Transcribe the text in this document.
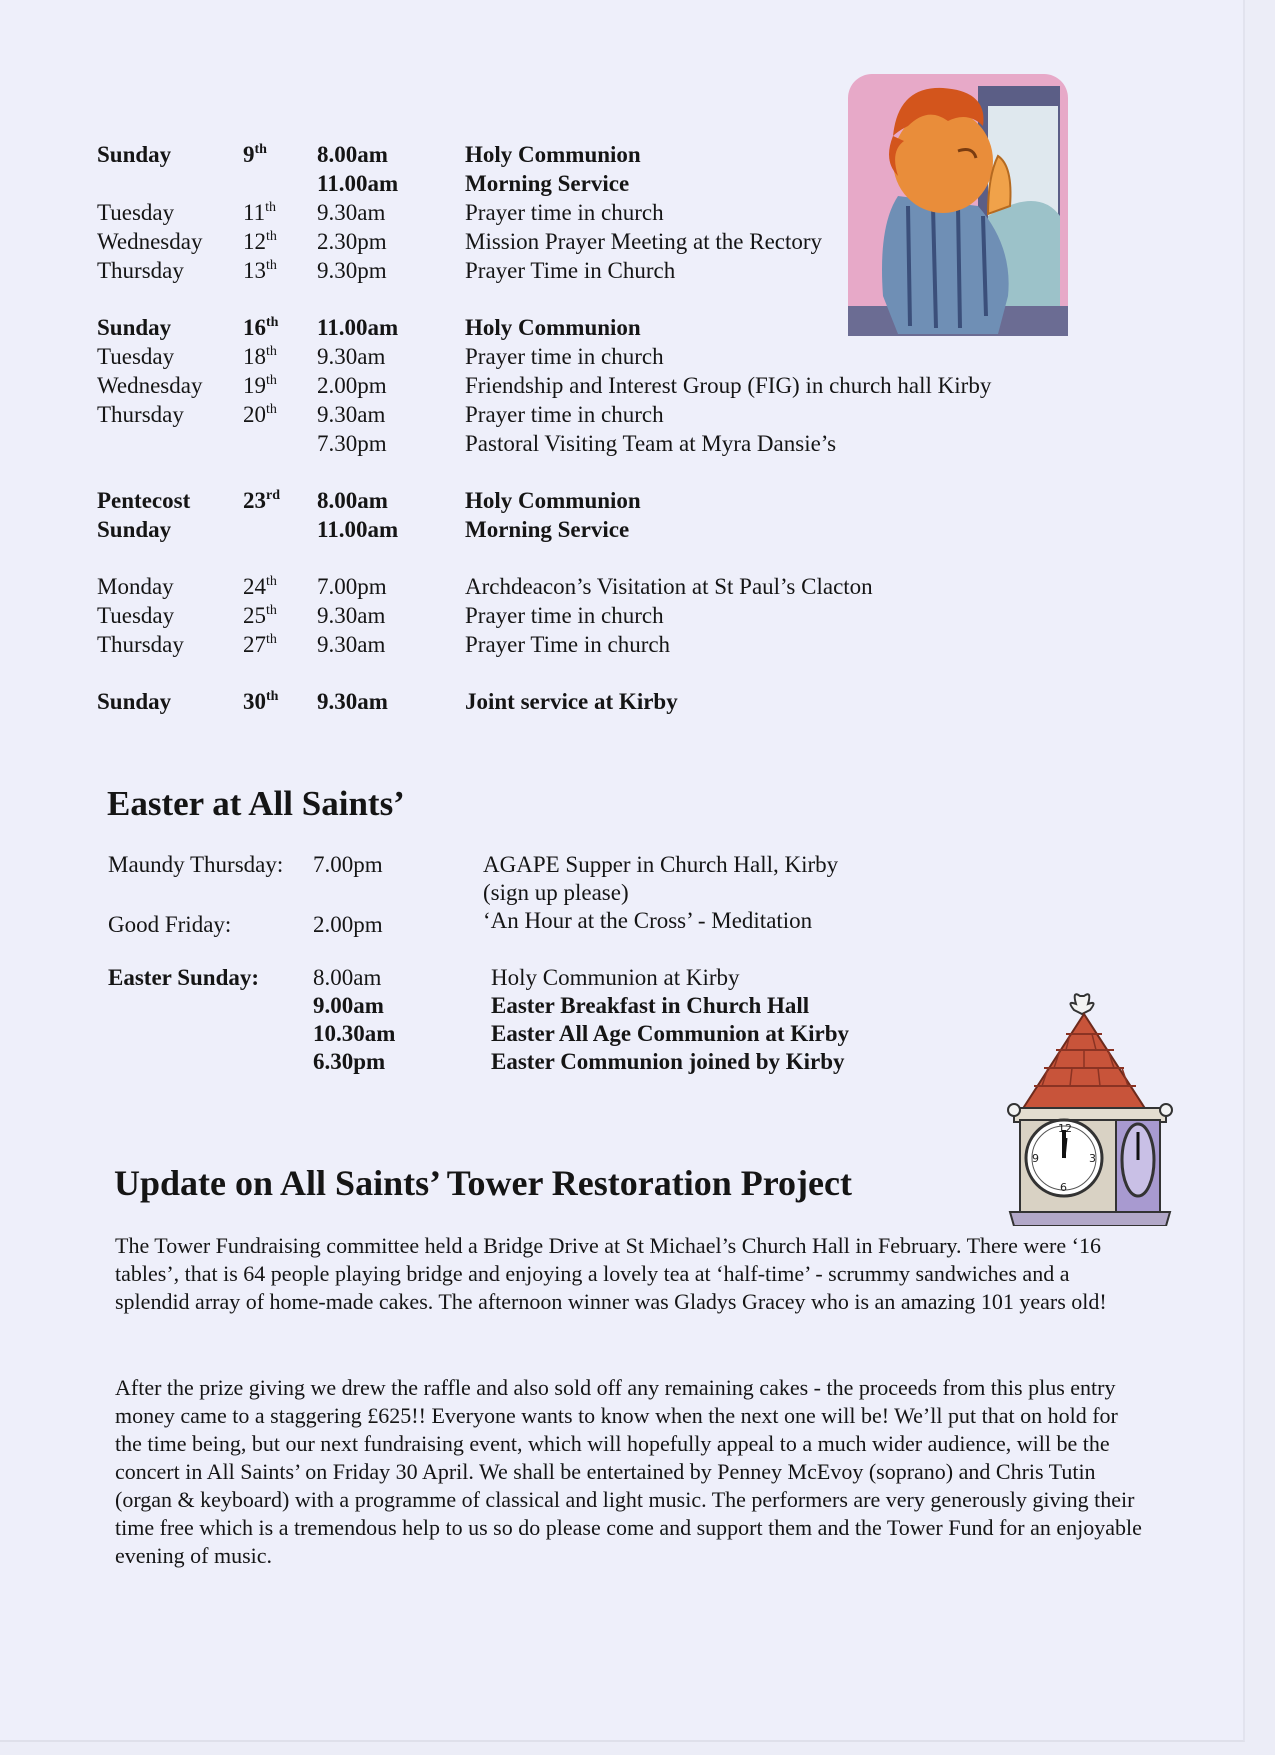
Sunday	9th 8.00am	Holy Communion
11.00am	Morning Service
Tuesday	11th 9.30am	Prayer time in church
Wednesday 12th 2.30pm	Mission Prayer Meeting at the Rectory
Thursday	13th 9.30pm	Prayer Time in Church
Sunday	16th 11.00am	Holy Communion
Tuesday	18th 9.30am	Prayer time in church
Wednesday 19th 2.00pm	Friendship and Interest Group (FIG) in church hall Kirby
Thursday	20th 9.30am	Prayer time in church
7.30pm	Pastoral Visiting Team at Myra Dansie’s
Pentecost 23rd 8.00am	Holy Communion
Sunday	11.00am	Morning Service
Monday	24th 7.00pm	Archdeacon’s Visitation at St Paul’s Clacton
Tuesday	25th 9.30am	Prayer time in church
Thursday	27th 9.30am	Prayer Time in church
Sunday	30th 9.30am	Joint service at Kirby
Easter at All Saints’
Maundy Thursday: 7.00pm	AGAPE Supper in Church Hall, Kirby
(sign up please)
Good Friday:	2.00pm	‘An Hour at the Cross’ - Meditation
Easter Sunday: 8.00am	Holy Communion at Kirby
9.00am	Easter Breakfast in Church Hall
10.30am	Easter All Age Communion at Kirby
6.30pm	Easter Communion joined by Kirby
12
3
6
9
Update on All Saints’ Tower Restoration Project

The Tower Fundraising committee held a Bridge Drive at St Michael’s Church Hall in February. There were ‘16 tables’, that is 64 people playing bridge and enjoying a lovely tea at ‘half-time’ - scrummy sandwiches and a splendid array of home-made cakes. The afternoon winner was Gladys Gracey who is an amazing 101 years old!

After the prize giving we drew the raffle and also sold off any remaining cakes - the proceeds from this plus entry money came to a staggering £625!! Everyone wants to know when the next one will be! We’ll put that on hold for the time being, but our next fundraising event, which will hopefully appeal to a much wider audience, will be the concert in All Saints’ on Friday 30 April. We shall be entertained by Penney McEvoy (soprano) and Chris Tutin (organ & keyboard) with a programme of classical and light music. The performers are very generously giving their time free which is a tremendous help to us so do please come and support them and the Tower Fund for an enjoyable evening of music.
